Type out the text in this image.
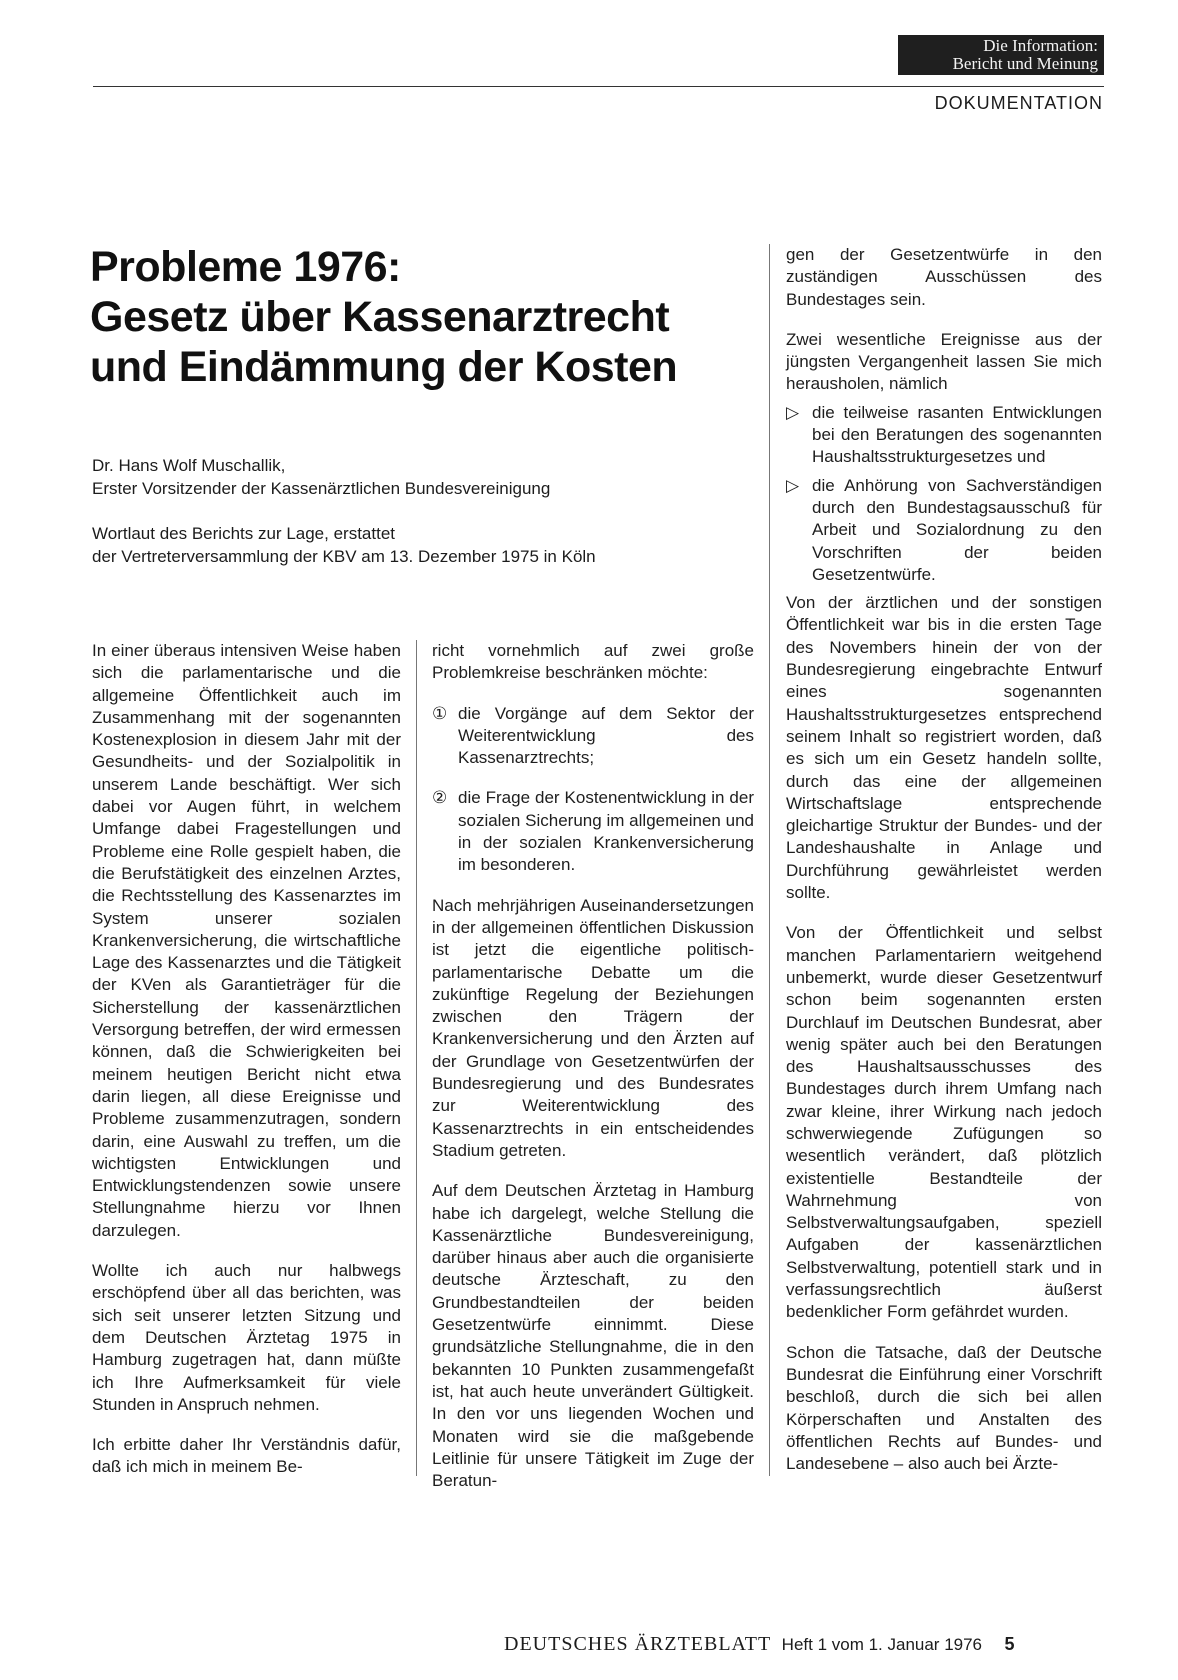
Die Information:
Bericht und Meinung
DOKUMENTATION
Probleme 1976:
Gesetz über Kassenarztrecht
und Eindämmung der Kosten
Dr. Hans Wolf Muschallik,
Erster Vorsitzender der Kassenärztlichen Bundesvereinigung
Wortlaut des Berichts zur Lage, erstattet
der Vertreterversammlung der KBV am 13. Dezember 1975 in Köln

In einer überaus intensiven Weise haben sich die parlamentarische und die allgemeine Öffentlichkeit auch im Zusammenhang mit der sogenannten Kostenexplosion in diesem Jahr mit der Gesundheits- und der Sozialpolitik in unserem Lande beschäftigt. Wer sich dabei vor Augen führt, in welchem Umfange dabei Fragestellungen und Probleme eine Rolle gespielt haben, die die Berufstätigkeit des einzelnen Arztes, die Rechtsstellung des Kassenarztes im System unserer sozialen Krankenversicherung, die wirtschaftliche Lage des Kassenarztes und die Tätigkeit der KVen als Garantieträger für die Sicherstellung der kassenärztlichen Versorgung betreffen, der wird ermessen können, daß die Schwierigkeiten bei meinem heutigen Bericht nicht etwa darin liegen, all diese Ereignisse und Probleme zusammenzutragen, sondern darin, eine Auswahl zu treffen, um die wichtigsten Entwicklungen und Entwicklungstendenzen sowie unsere Stellungnahme hierzu vor Ihnen darzulegen.

Wollte ich auch nur halbwegs erschöpfend über all das berichten, was sich seit unserer letzten Sitzung und dem Deutschen Ärztetag 1975 in Hamburg zugetragen hat, dann müßte ich Ihre Aufmerksamkeit für viele Stunden in Anspruch nehmen.

Ich erbitte daher Ihr Verständnis dafür, daß ich mich in meinem Be-

richt vornehmlich auf zwei große Problemkreise beschränken möchte:

① die Vorgänge auf dem Sektor der Weiterentwicklung des Kassenarztrechts;

② die Frage der Kostenentwicklung in der sozialen Sicherung im allgemeinen und in der sozialen Krankenversicherung im besonderen.

Nach mehrjährigen Auseinandersetzungen in der allgemeinen öffentlichen Diskussion ist jetzt die eigentliche politisch-parlamentarische Debatte um die zukünftige Regelung der Beziehungen zwischen den Trägern der Krankenversicherung und den Ärzten auf der Grundlage von Gesetzentwürfen der Bundesregierung und des Bundesrates zur Weiterentwicklung des Kassenarztrechts in ein entscheidendes Stadium getreten.

Auf dem Deutschen Ärztetag in Hamburg habe ich dargelegt, welche Stellung die Kassenärztliche Bundesvereinigung, darüber hinaus aber auch die organisierte deutsche Ärzteschaft, zu den Grundbestandteilen der beiden Gesetzentwürfe einnimmt. Diese grundsätzliche Stellungnahme, die in den bekannten 10 Punkten zusammengefaßt ist, hat auch heute unverändert Gültigkeit. In den vor uns liegenden Wochen und Monaten wird sie die maßgebende Leitlinie für unsere Tätigkeit im Zuge der Beratun-

gen der Gesetzentwürfe in den zuständigen Ausschüssen des Bundestages sein.

Zwei wesentliche Ereignisse aus der jüngsten Vergangenheit lassen Sie mich herausholen, nämlich

▷ die teilweise rasanten Entwicklungen bei den Beratungen des sogenannten Haushaltsstrukturgesetzes und

▷ die Anhörung von Sachverständigen durch den Bundestagsausschuß für Arbeit und Sozialordnung zu den Vorschriften der beiden Gesetzentwürfe.

Von der ärztlichen und der sonstigen Öffentlichkeit war bis in die ersten Tage des Novembers hinein der von der Bundesregierung eingebrachte Entwurf eines sogenannten Haushaltsstrukturgesetzes entsprechend seinem Inhalt so registriert worden, daß es sich um ein Gesetz handeln sollte, durch das eine der allgemeinen Wirtschaftslage entsprechende gleichartige Struktur der Bundes- und der Landeshaushalte in Anlage und Durchführung gewährleistet werden sollte.

Von der Öffentlichkeit und selbst manchen Parlamentariern weitgehend unbemerkt, wurde dieser Gesetzentwurf schon beim sogenannten ersten Durchlauf im Deutschen Bundesrat, aber wenig später auch bei den Beratungen des Haushaltsausschusses des Bundestages durch ihrem Umfang nach zwar kleine, ihrer Wirkung nach jedoch schwerwiegende Zufügungen so wesentlich verändert, daß plötzlich existentielle Bestandteile der Wahrnehmung von Selbstverwaltungsaufgaben, speziell Aufgaben der kassenärztlichen Selbstverwaltung, potentiell stark und in verfassungsrechtlich äußerst bedenklicher Form gefährdet wurden.

Schon die Tatsache, daß der Deutsche Bundesrat die Einführung einer Vorschrift beschloß, durch die sich bei allen Körperschaften und Anstalten des öffentlichen Rechts auf Bundes- und Landesebene – also auch bei Ärzte-

DEUTSCHES ÄRZTEBLATT Heft 1 vom 1. Januar 1976 5
